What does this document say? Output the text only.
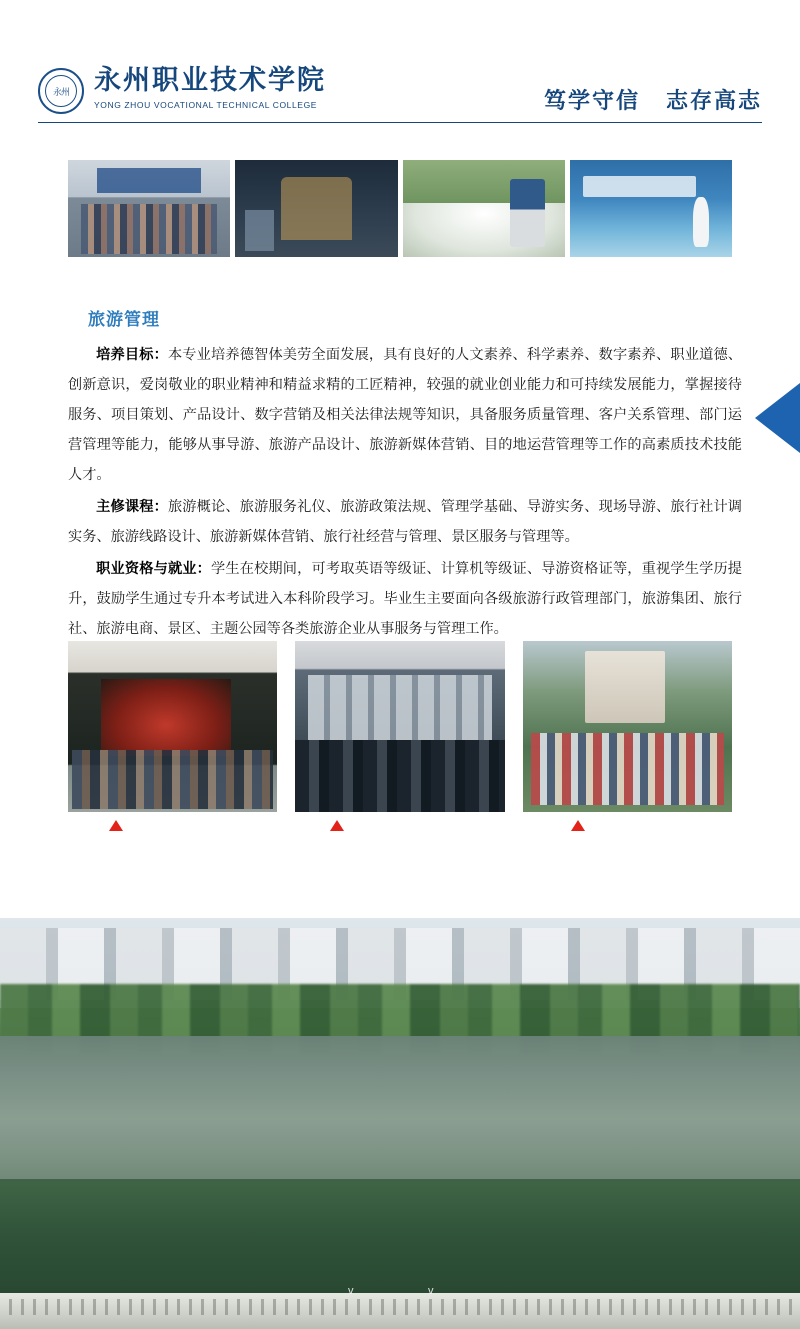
永州 永州职业技术学院
YONG ZHOU VOCATIONAL TECHNICAL COLLEGE	笃学守信 志存高志
旅游管理

培养目标：本专业培养德智体美劳全面发展，具有良好的人文素养、科学素养、数字素养、职业道德、创新意识，爱岗敬业的职业精神和精益求精的工匠精神，较强的就业创业能力和可持续发展能力，掌握接待服务、项目策划、产品设计、数字营销及相关法律法规等知识，具备服务质量管理、客户关系管理、部门运营管理等能力，能够从事导游、旅游产品设计、旅游新媒体营销、目的地运营管理等工作的高素质技术技能人才。

主修课程：旅游概论、旅游服务礼仪、旅游政策法规、管理学基础、导游实务、现场导游、旅行社计调实务、旅游线路设计、旅游新媒体营销、旅行社经营与管理、景区服务与管理等。

职业资格与就业：学生在校期间，可考取英语等级证、计算机等级证、导游资格证等，重视学生学历提升，鼓励学生通过专升本考试进入本科阶段学习。毕业生主要面向各级旅游行政管理部门，旅游集团、旅行社、旅游电商、景区、主题公园等各类旅游企业从事服务与管理工作。

v	v
